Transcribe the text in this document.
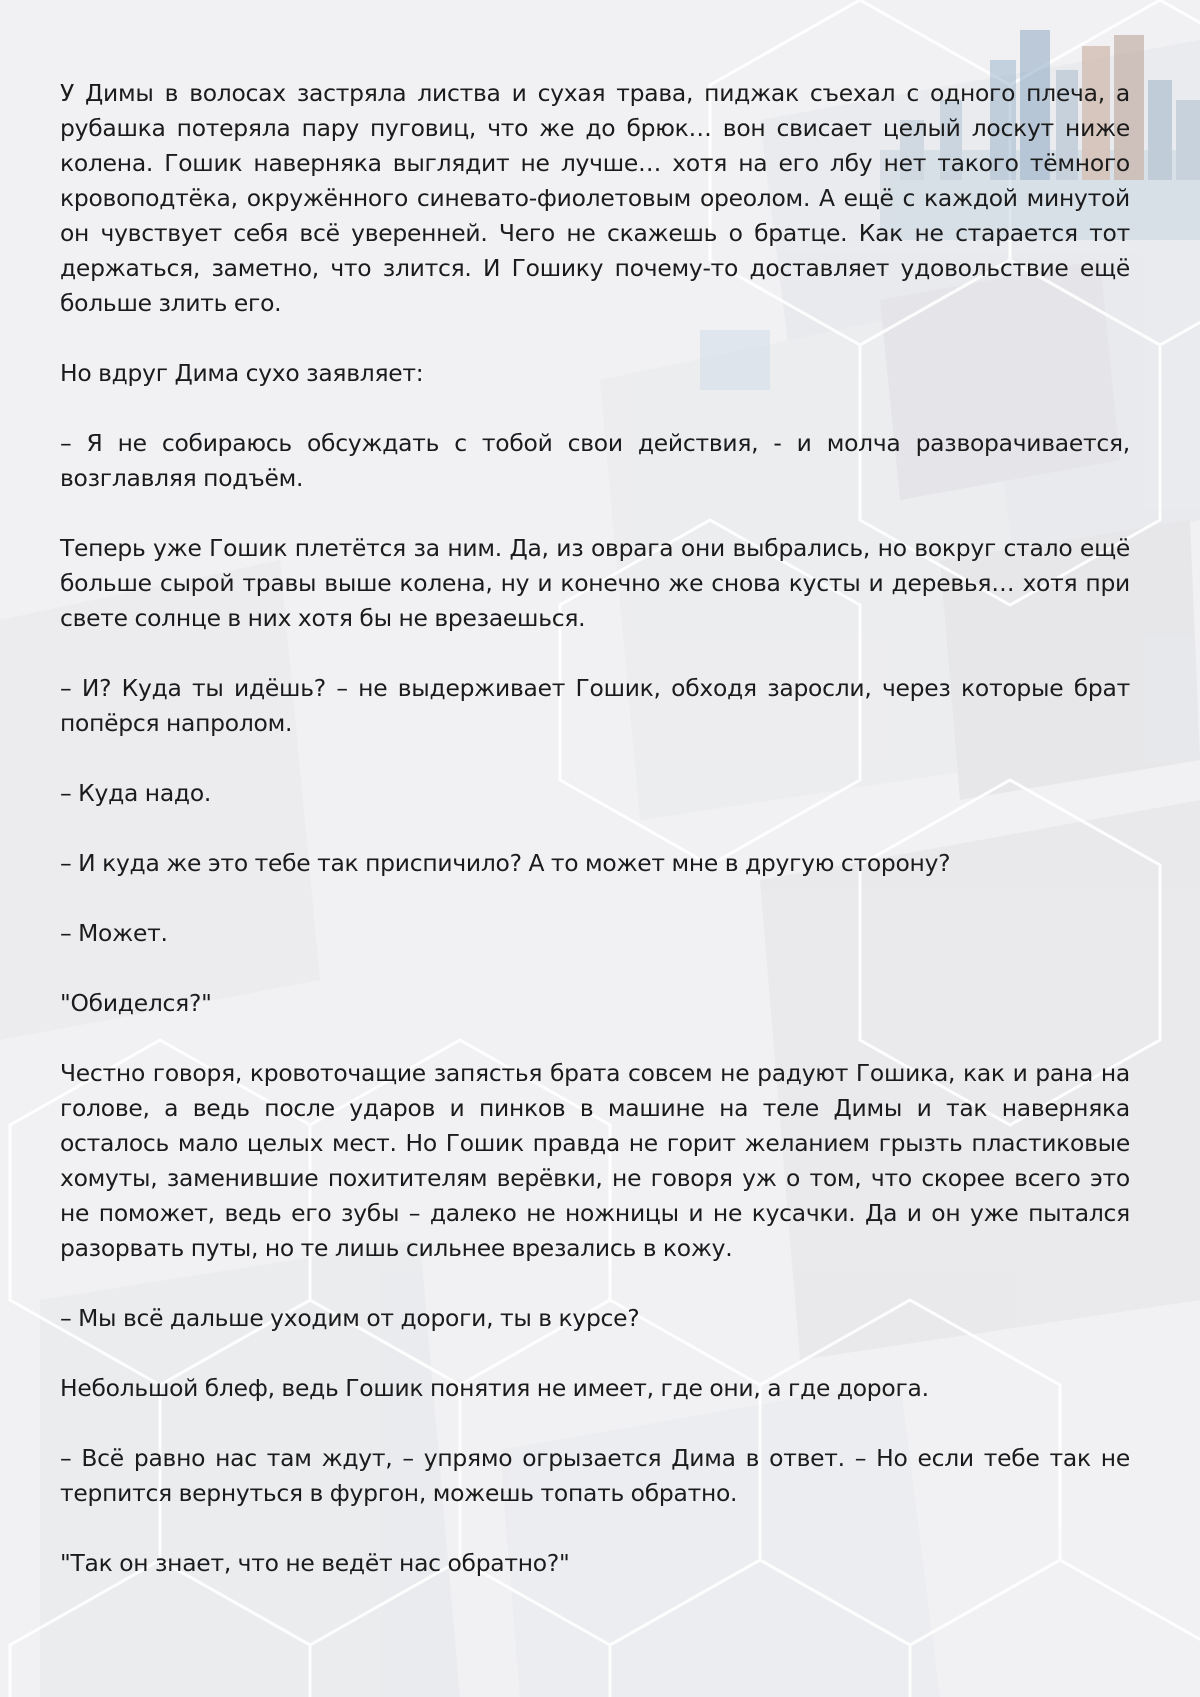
У Димы в волосах застряла листва и сухая трава, пиджак съехал с одного плеча, а рубашка потеряла пару пуговиц, что же до брюк… вон свисает целый лоскут ниже колена. Гошик наверняка выглядит не лучше… хотя на его лбу нет такого тёмного кровоподтёка, окружённого синевато-фиолетовым ореолом. А ещё с каждой минутой он чувствует себя всё уверенней. Чего не скажешь о братце. Как не старается тот держаться, заметно, что злится. И Гошику почему-то доставляет удовольствие ещё больше злить его.

Но вдруг Дима сухо заявляет:

– Я не собираюсь обсуждать с тобой свои действия, - и молча разворачивается, возглавляя подъём.

Теперь уже Гошик плетётся за ним. Да, из оврага они выбрались, но вокруг стало ещё больше сырой травы выше колена, ну и конечно же снова кусты и деревья… хотя при свете солнце в них хотя бы не врезаешься.

– И? Куда ты идёшь? – не выдерживает Гошик, обходя заросли, через которые брат попёрся напролом.

– Куда надо.

– И куда же это тебе так приспичило? А то может мне в другую сторону?

– Может.

"Обиделся?"

Честно говоря, кровоточащие запястья брата совсем не радуют Гошика, как и рана на голове, а ведь после ударов и пинков в машине на теле Димы и так наверняка осталось мало целых мест. Но Гошик правда не горит желанием грызть пластиковые хомуты, заменившие похитителям верёвки, не говоря уж о том, что скорее всего это не поможет, ведь его зубы – далеко не ножницы и не кусачки. Да и он уже пытался разорвать путы, но те лишь сильнее врезались в кожу.

– Мы всё дальше уходим от дороги, ты в курсе?

Небольшой блеф, ведь Гошик понятия не имеет, где они, а где дорога.

– Всё равно нас там ждут, – упрямо огрызается Дима в ответ. – Но если тебе так не терпится вернуться в фургон, можешь топать обратно.

"Так он знает, что не ведёт нас обратно?"
